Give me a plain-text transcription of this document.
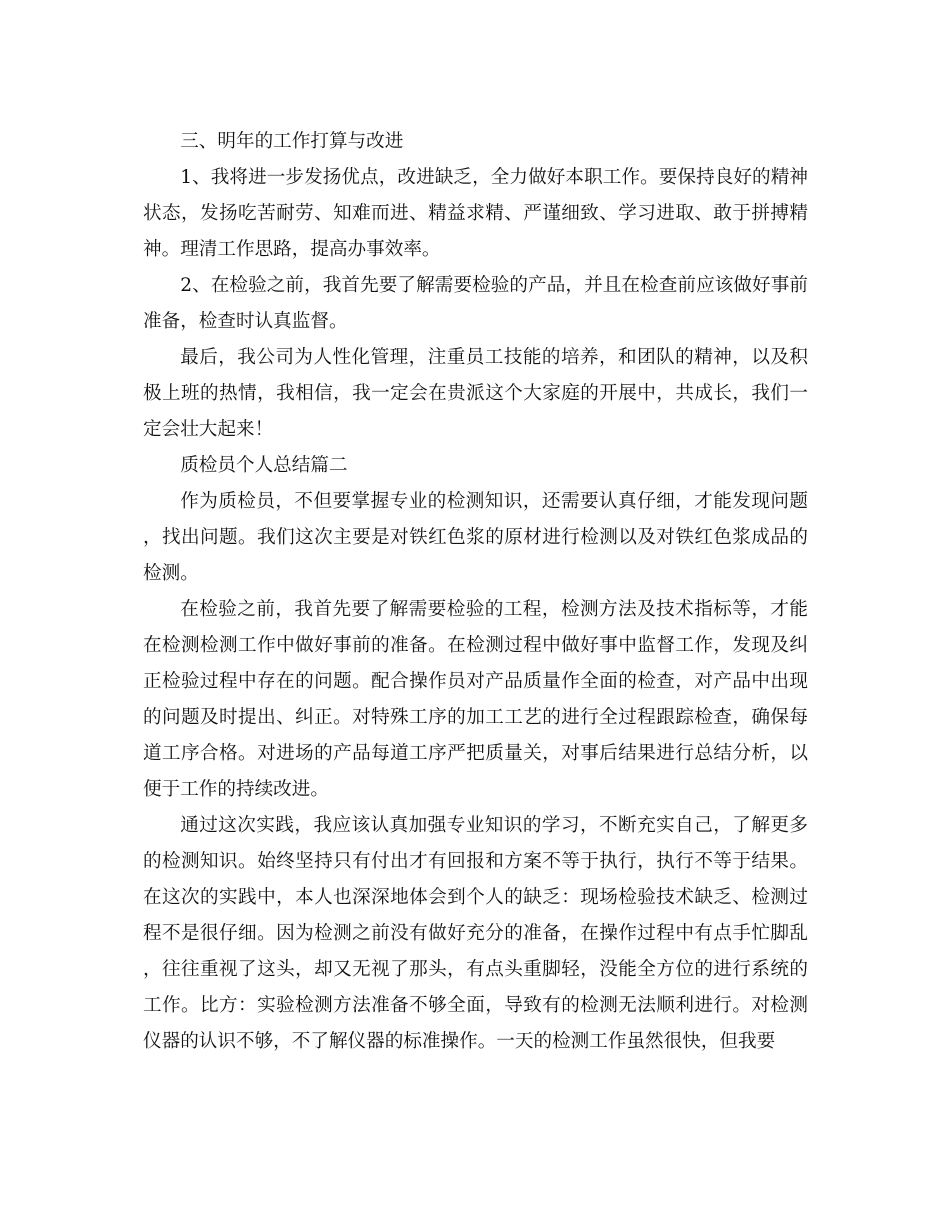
三、明年的工作打算与改进

1、我将进一步发扬优点，改进缺乏，全力做好本职工作。要保持良好的精神状态，发扬吃苦耐劳、知难而进、精益求精、严谨细致、学习进取、敢于拼搏精神。理清工作思路，提高办事效率。

2、在检验之前，我首先要了解需要检验的产品，并且在检查前应该做好事前准备，检查时认真监督。

最后，我公司为人性化管理，注重员工技能的培养，和团队的精神，以及积极上班的热情，我相信，我一定会在贵派这个大家庭的开展中，共成长，我们一定会壮大起来！

质检员个人总结篇二

作为质检员，不但要掌握专业的检测知识，还需要认真仔细，才能发现问题，找出问题。我们这次主要是对铁红色浆的原材进行检测以及对铁红色浆成品的检测。

在检验之前，我首先要了解需要检验的工程，检测方法及技术指标等，才能在检测检测工作中做好事前的准备。在检测过程中做好事中监督工作，发现及纠正检验过程中存在的问题。配合操作员对产品质量作全面的检查，对产品中出现的问题及时提出、纠正。对特殊工序的加工工艺的进行全过程跟踪检查，确保每道工序合格。对进场的产品每道工序严把质量关，对事后结果进行总结分析，以便于工作的持续改进。

通过这次实践，我应该认真加强专业知识的学习，不断充实自己，了解更多的检测知识。始终坚持只有付出才有回报和方案不等于执行，执行不等于结果。在这次的实践中，本人也深深地体会到个人的缺乏：现场检验技术缺乏、检测过程不是很仔细。因为检测之前没有做好充分的准备，在操作过程中有点手忙脚乱，往往重视了这头，却又无视了那头，有点头重脚轻，没能全方位的进行系统的工作。比方：实验检测方法准备不够全面，导致有的检测无法顺利进行。对检测仪器的认识不够，不了解仪器的标准操作。一天的检测工作虽然很快，但我要
